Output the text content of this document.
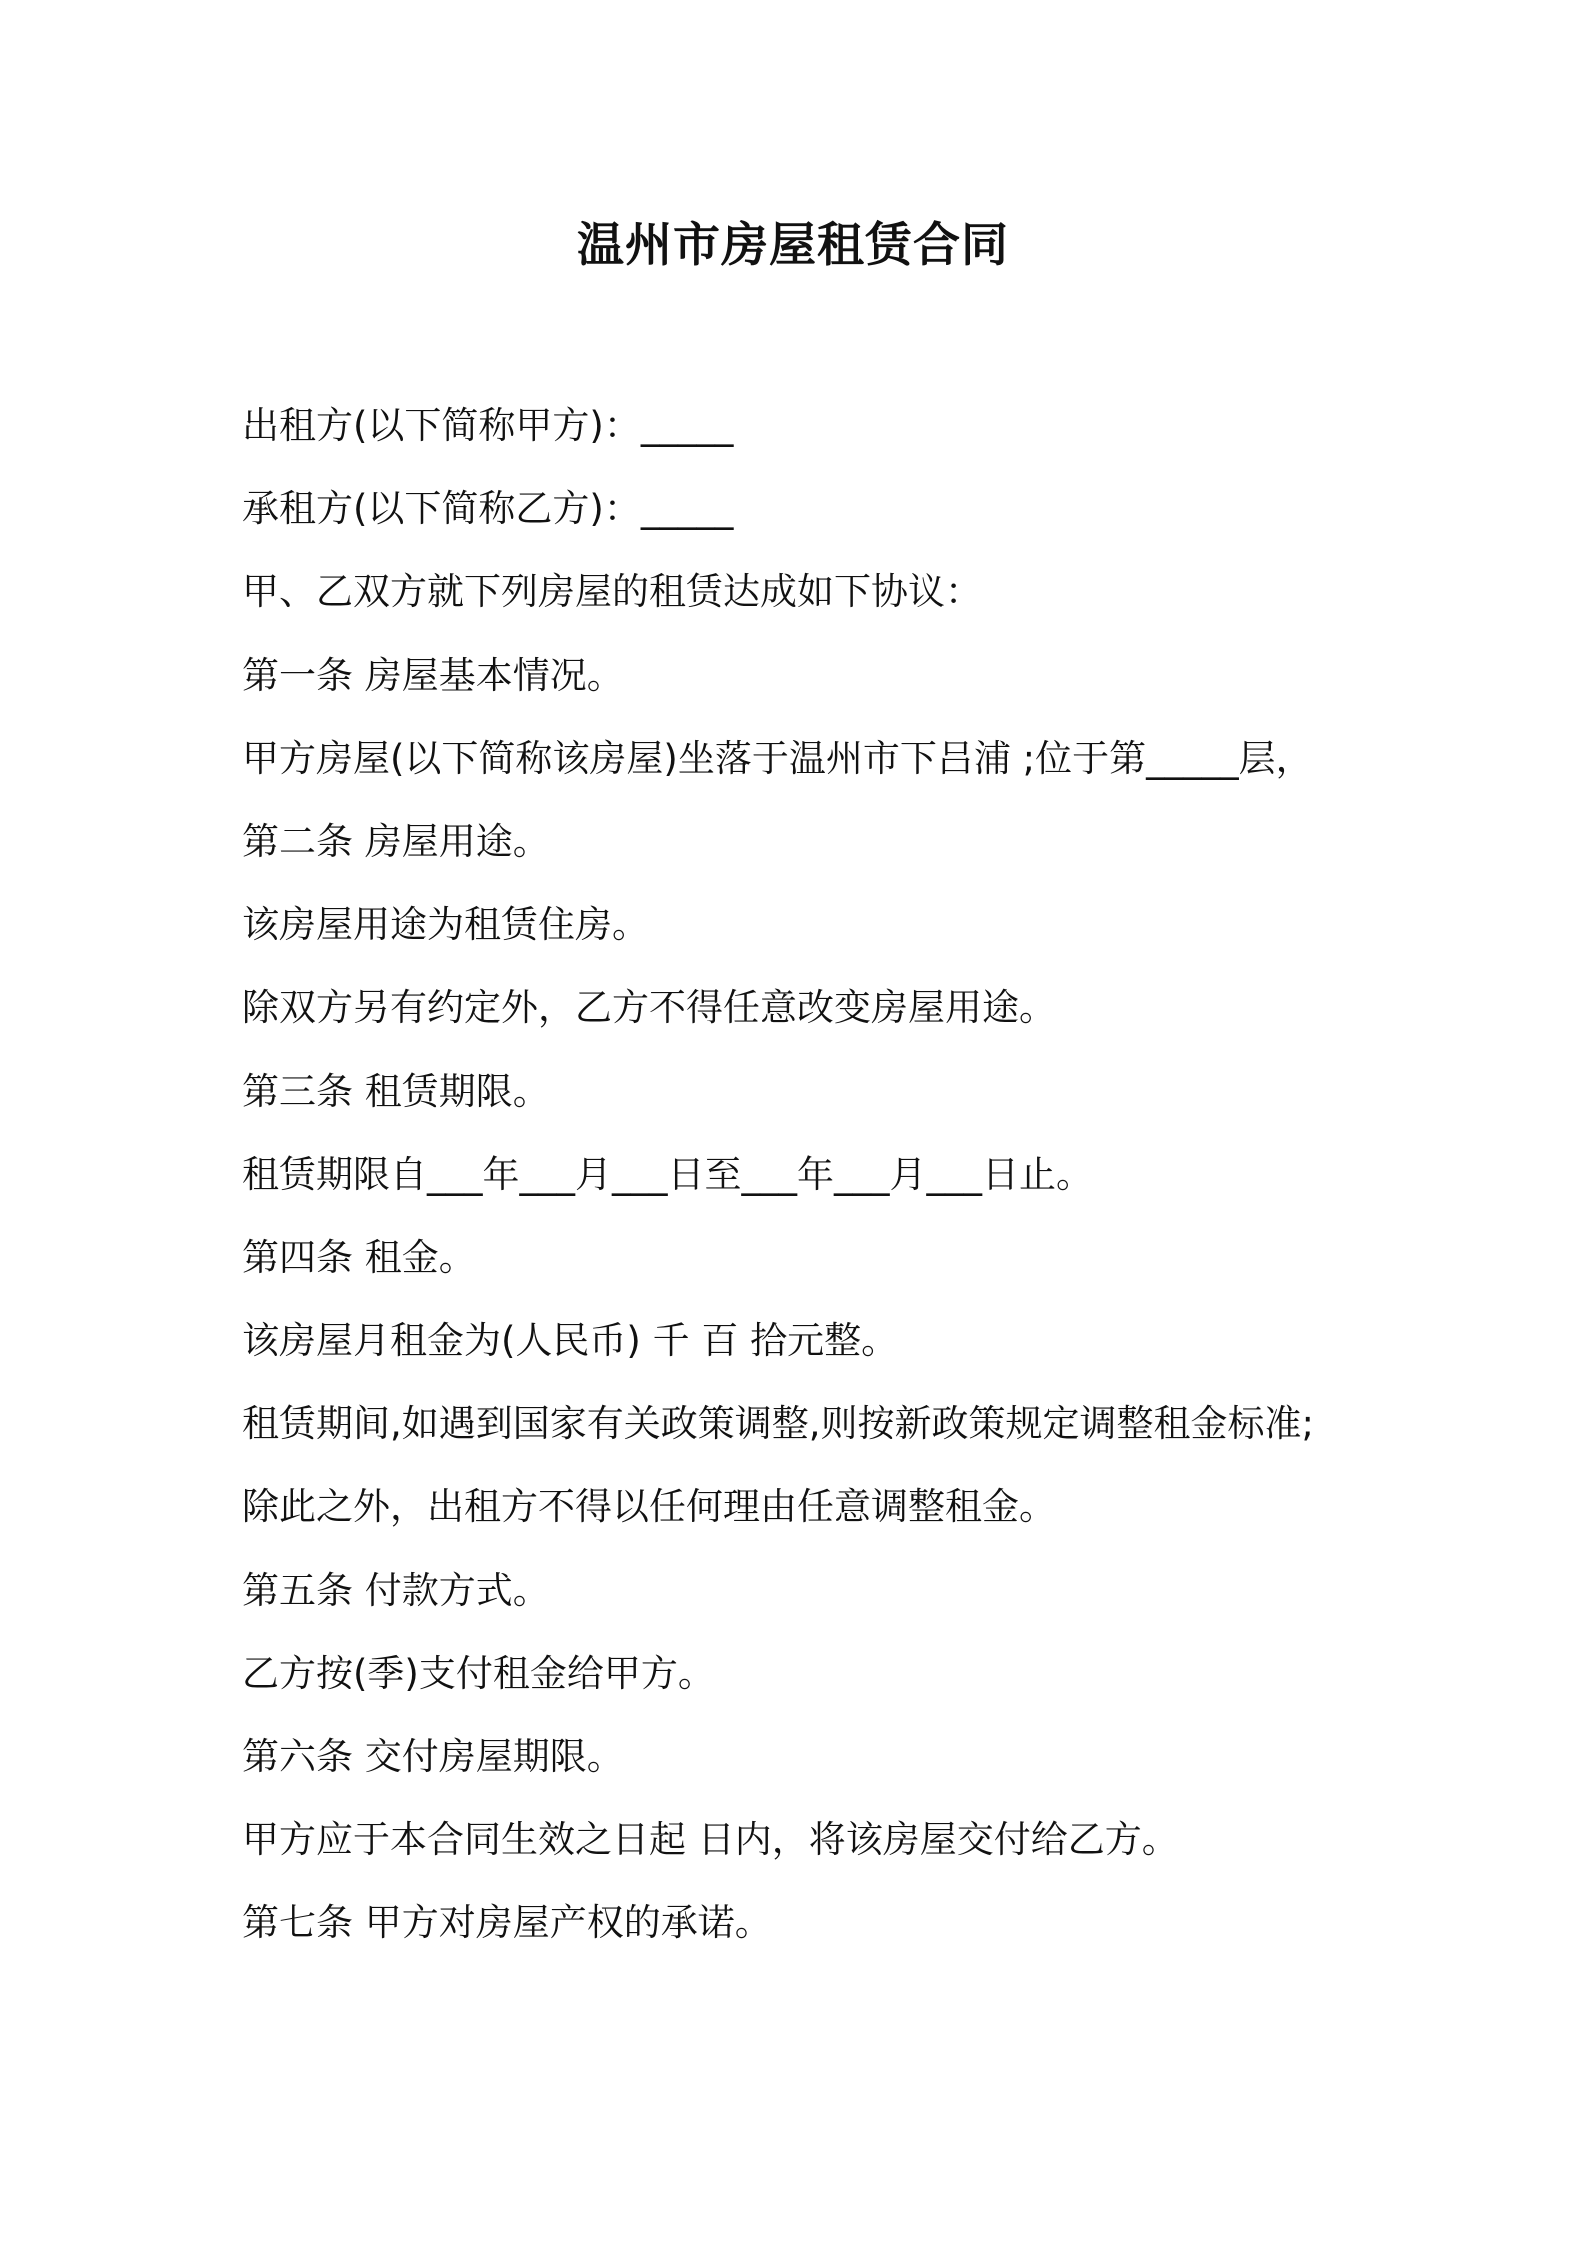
温州市房屋租赁合同
出租方(以下简称甲方)：_____
承租方(以下简称乙方)：_____
甲、乙双方就下列房屋的租赁达成如下协议：
第一条 房屋基本情况。
甲方房屋(以下简称该房屋)坐落于温州市下吕浦 ;位于第_____层，
第二条 房屋用途。
该房屋用途为租赁住房。
除双方另有约定外，乙方不得任意改变房屋用途。
第三条 租赁期限。
租赁期限自___年___月___日至___年___月___日止。
第四条 租金。
该房屋月租金为(人民币) 千 百 拾元整。
租赁期间,如遇到国家有关政策调整,则按新政策规定调整租金标准;
除此之外，出租方不得以任何理由任意调整租金。
第五条 付款方式。
乙方按(季)支付租金给甲方。
第六条 交付房屋期限。
甲方应于本合同生效之日起 日内，将该房屋交付给乙方。
第七条 甲方对房屋产权的承诺。
